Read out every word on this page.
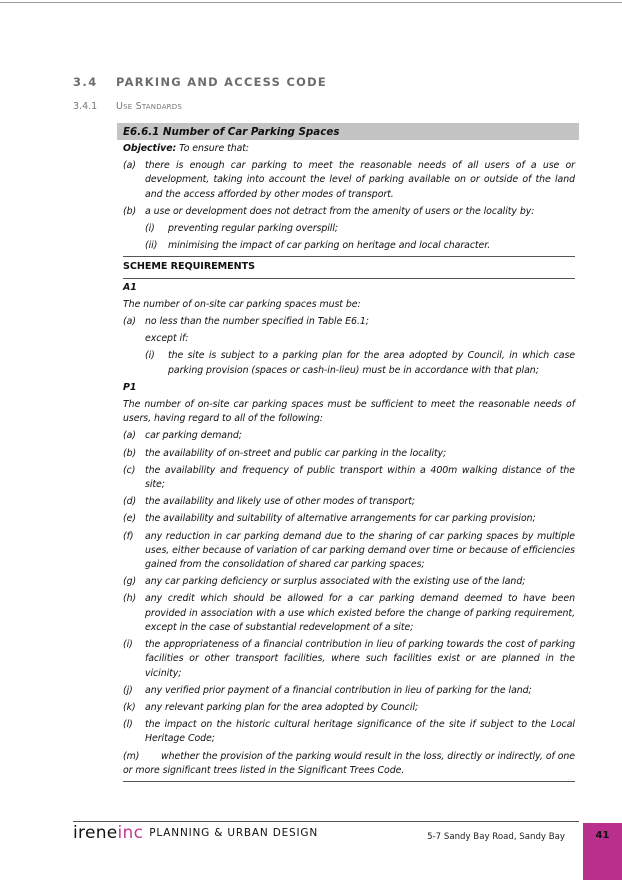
3.4 PARKING AND ACCESS CODE
3.4.1 Use Standards
E6.6.1 Number of Car Parking Spaces
Objective: To ensure that:
(a) there is enough car parking to meet the reasonable needs of all users of a use or development, taking into account the level of parking available on or outside of the land and the access afforded by other modes of transport.
(b) a use or development does not detract from the amenity of users or the locality by:
(i)	preventing regular parking overspill;
(ii)	minimising the impact of car parking on heritage and local character.
SCHEME REQUIREMENTS
A1
The number of on-site car parking spaces must be:
(a) no less than the number specified in Table E6.1;
except if:
(i)	the site is subject to a parking plan for the area adopted by Council, in which case parking provision (spaces or cash-in-lieu) must be in accordance with that plan;
P1
The number of on-site car parking spaces must be sufficient to meet the reasonable needs of users, having regard to all of the following:
(a) car parking demand;
(b) the availability of on-street and public car parking in the locality;
(c)	the availability and frequency of public transport within a 400m walking distance of the site;
(d) the availability and likely use of other modes of transport;
(e) the availability and suitability of alternative arrangements for car parking provision;
(f)	any reduction in car parking demand due to the sharing of car parking spaces by multiple uses, either because of variation of car parking demand over time or because of efficiencies gained from the consolidation of shared car parking spaces;
(g) any car parking deficiency or surplus associated with the existing use of the land;
(h) any credit which should be allowed for a car parking demand deemed to have been provided in association with a use which existed before the change of parking requirement, except in the case of substantial redevelopment of a site;
(i)	the appropriateness of a financial contribution in lieu of parking towards the cost of parking facilities or other transport facilities, where such facilities exist or are planned in the vicinity;
(j)	any verified prior payment of a financial contribution in lieu of parking for the land;
(k) any relevant parking plan for the area adopted by Council;
(l)	the impact on the historic cultural heritage significance of the site if subject to the Local Heritage Code;
(m) whether the provision of the parking would result in the loss, directly or indirectly, of one or more significant trees listed in the Significant Trees Code.
ireneinc PLANNING & URBAN DESIGN	5-7 Sandy Bay Road, Sandy Bay	41
